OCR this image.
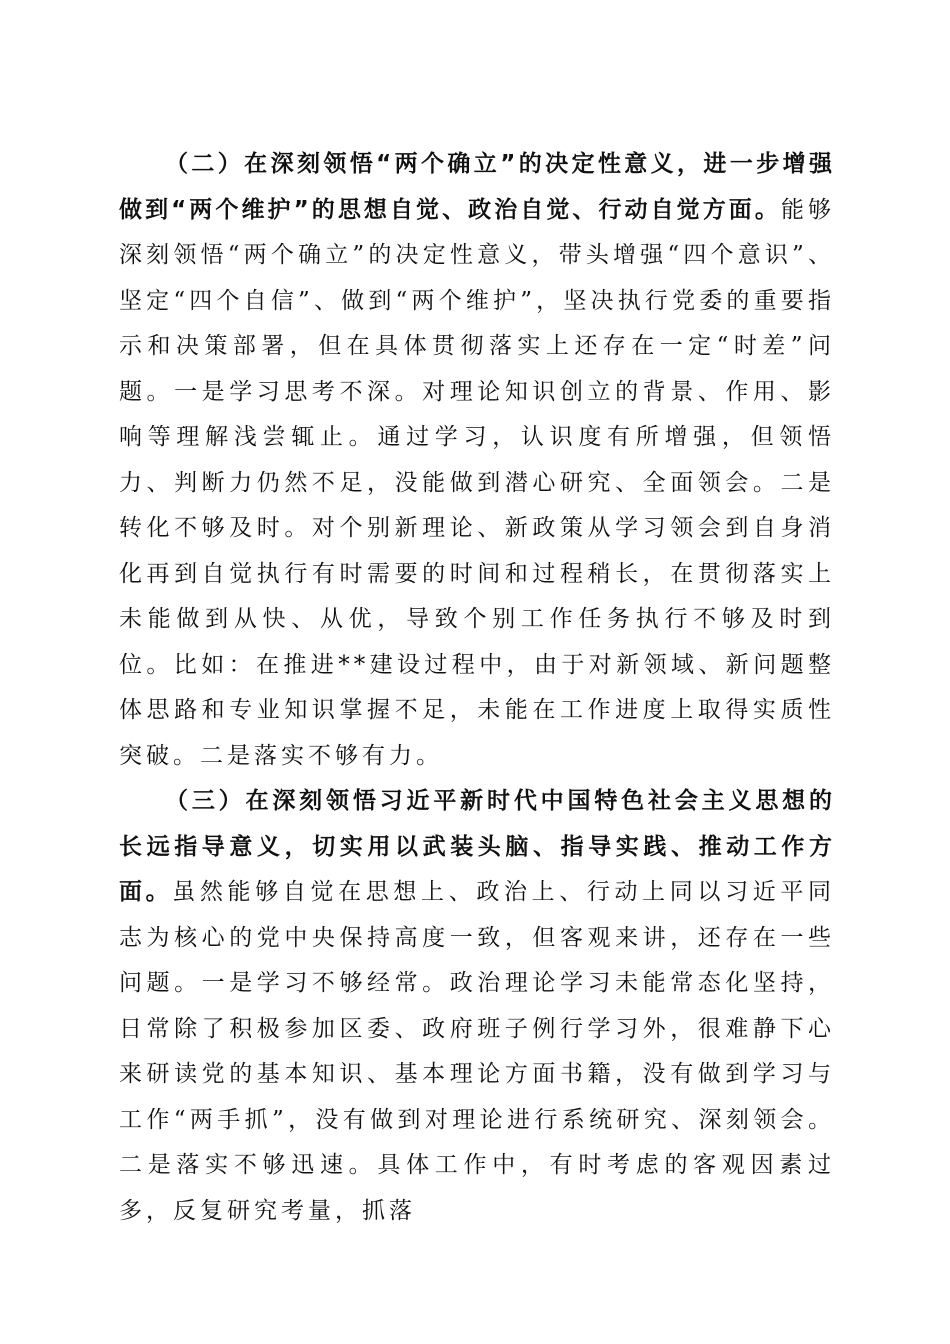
（二）在深刻领悟“两个确立”的决定性意义，进一步增强做到“两个维护”的思想自觉、政治自觉、行动自觉方面。能够深刻领悟“两个确立”的决定性意义，带头增强“四个意识”、坚定“四个自信”、做到“两个维护”，坚决执行党委的重要指示和决策部署，但在具体贯彻落实上还存在一定“时差”问题。一是学习思考不深。对理论知识创立的背景、作用、影响等理解浅尝辄止。通过学习，认识度有所增强，但领悟力、判断力仍然不足，没能做到潜心研究、全面领会。二是转化不够及时。对个别新理论、新政策从学习领会到自身消化再到自觉执行有时需要的时间和过程稍长，在贯彻落实上未能做到从快、从优，导致个别工作任务执行不够及时到位。比如：在推进**建设过程中，由于对新领域、新问题整体思路和专业知识掌握不足，未能在工作进度上取得实质性突破。二是落实不够有力。

（三）在深刻领悟习近平新时代中国特色社会主义思想的长远指导意义，切实用以武装头脑、指导实践、推动工作方面。虽然能够自觉在思想上、政治上、行动上同以习近平同志为核心的党中央保持高度一致，但客观来讲，还存在一些问题。一是学习不够经常。政治理论学习未能常态化坚持，日常除了积极参加区委、政府班子例行学习外，很难静下心来研读党的基本知识、基本理论方面书籍，没有做到学习与工作“两手抓”，没有做到对理论进行系统研究、深刻领会。二是落实不够迅速。具体工作中，有时考虑的客观因素过多，反复研究考量，抓落
